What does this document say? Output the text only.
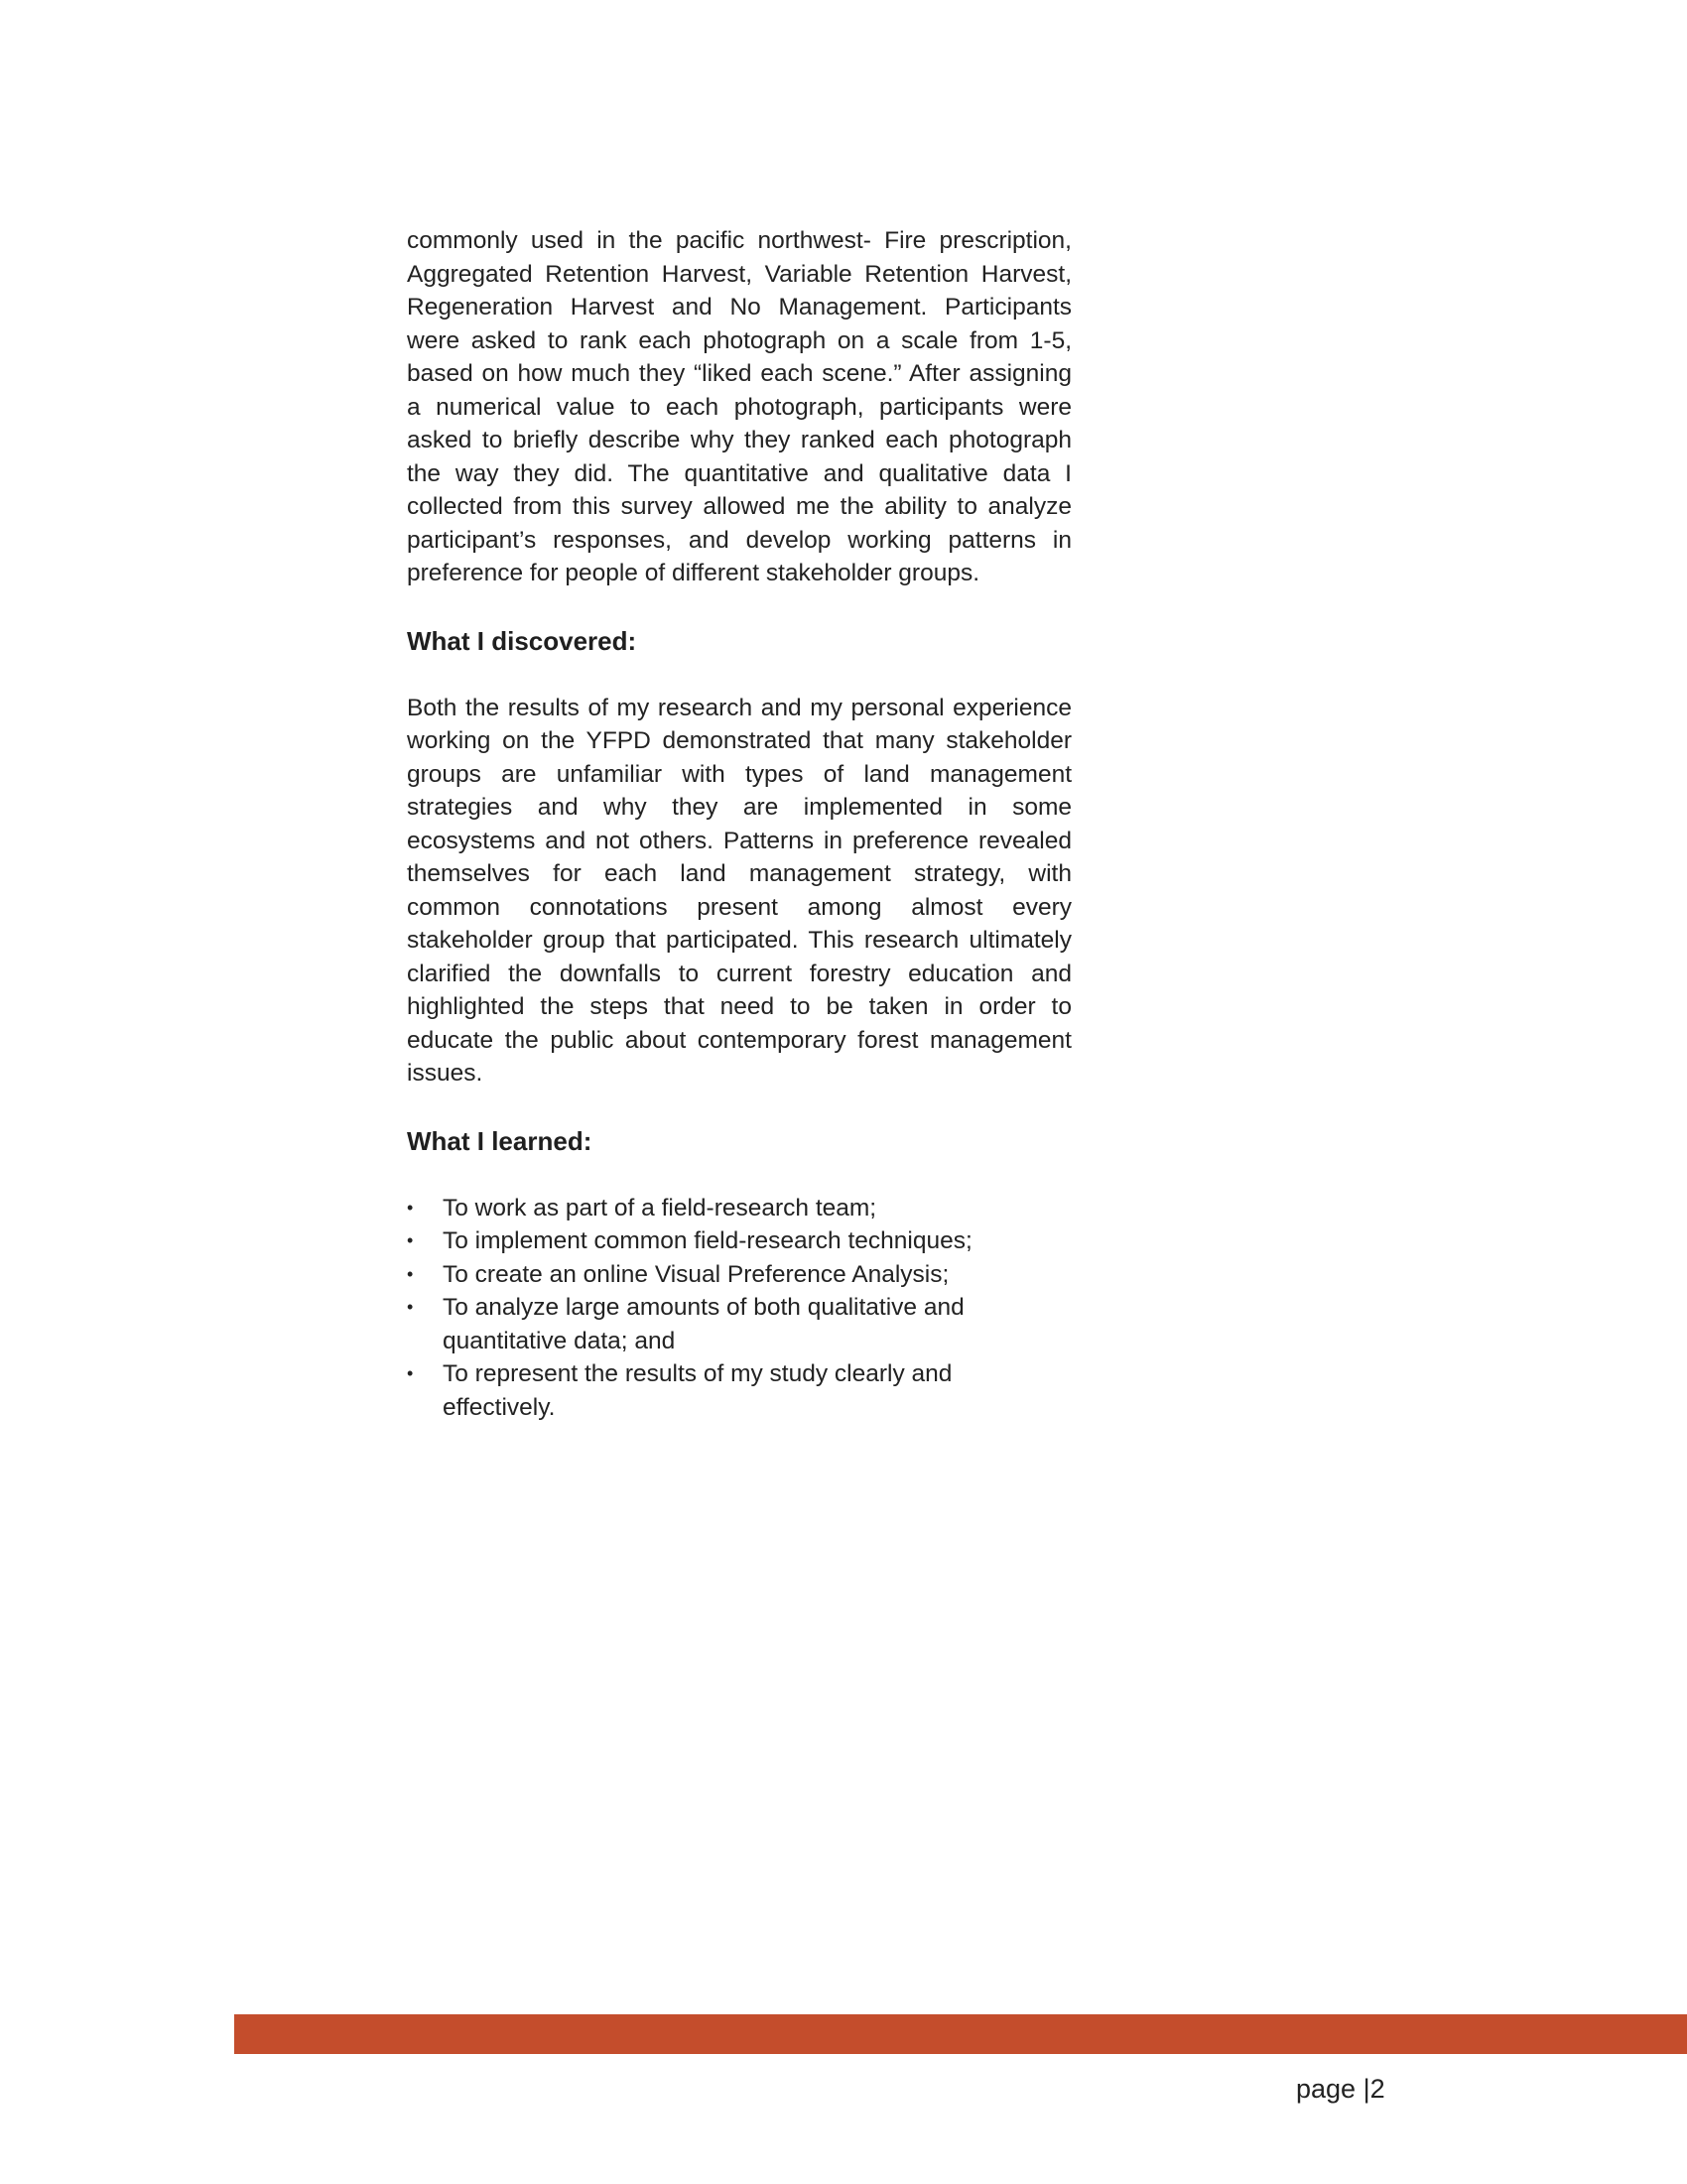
commonly used in the pacific northwest- Fire prescription, Aggregated Retention Harvest, Variable Retention Harvest, Regeneration Harvest and No Management. Participants were asked to rank each photograph on a scale from 1-5, based on how much they “liked each scene.” After assigning a numerical value to each photograph, participants were asked to briefly describe why they ranked each photograph the way they did. The quantitative and qualitative data I collected from this survey allowed me the ability to analyze participant’s responses, and develop working patterns in preference for people of different stakeholder groups.

What I discovered:

Both the results of my research and my personal experience working on the YFPD demonstrated that many stakeholder groups are unfamiliar with types of land management strategies and why they are implemented in some ecosystems and not others. Patterns in preference revealed themselves for each land management strategy, with common connotations present among almost every stakeholder group that participated. This research ultimately clarified the downfalls to current forestry education and highlighted the steps that need to be taken in order to educate the public about contemporary forest management issues.

What I learned:
• To work as part of a field-research team;
• To implement common field-research techniques;
• To create an online Visual Preference Analysis;
• To analyze large amounts of both qualitative and quantitative data; and
• To represent the results of my study clearly and effectively.
page |2
